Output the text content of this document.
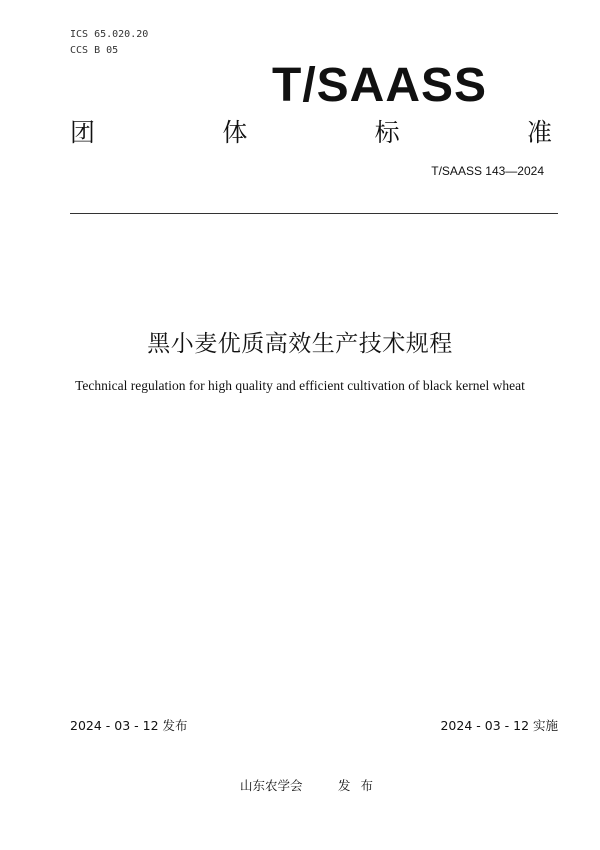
ICS 65.020.20
CCS B 05
T/SAASS
团	体	标	准
T/SAASS 143—2024
黑小麦优质高效生产技术规程
Technical regulation for high quality and efficient cultivation of black kernel wheat
2024 - 03 - 12 发布	2024 - 03 - 12 实施
山东农学会	发布
